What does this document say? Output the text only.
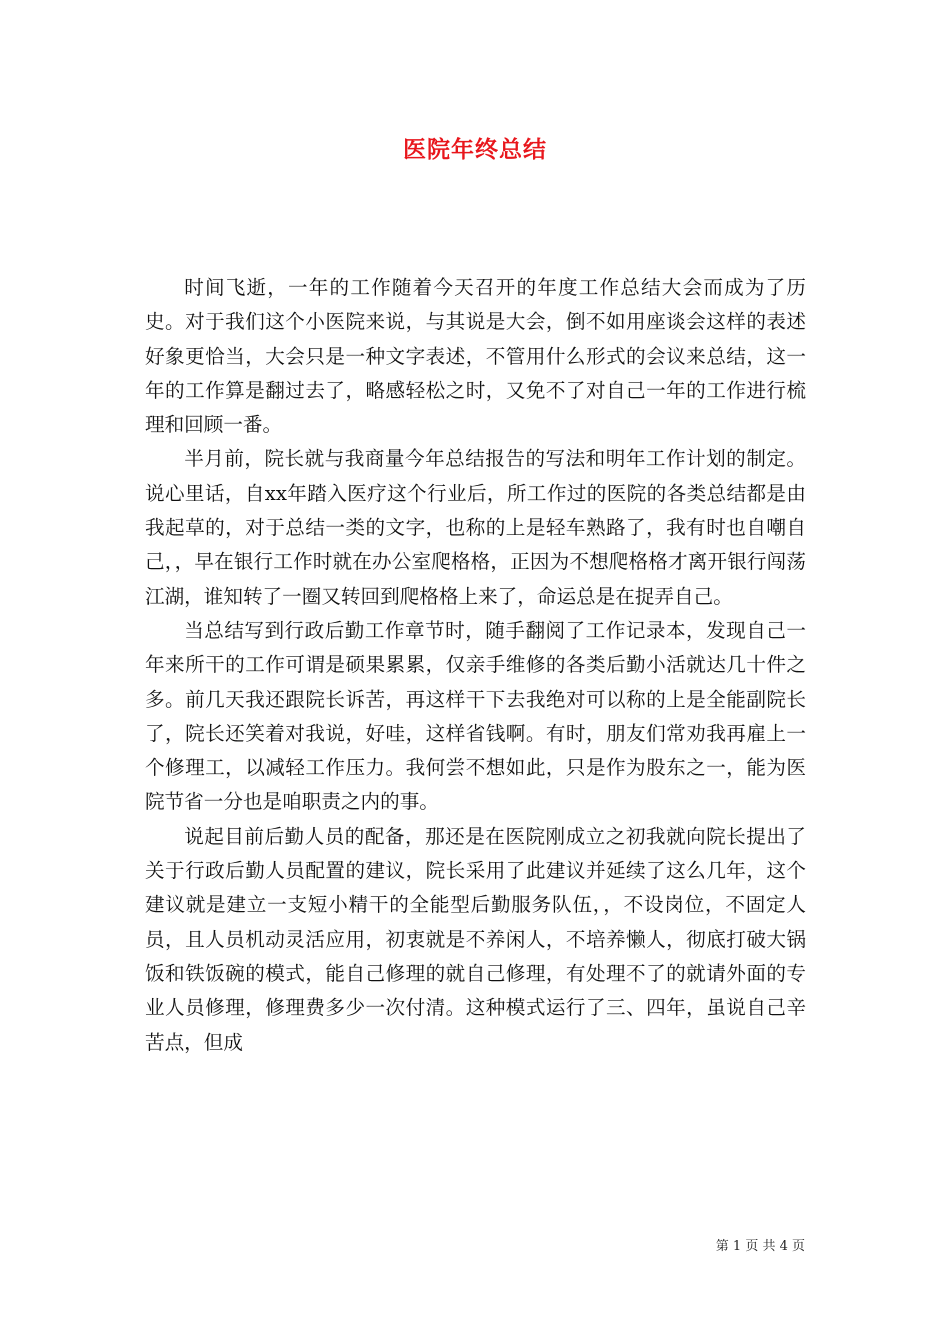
医院年终总结

时间飞逝，一年的工作随着今天召开的年度工作总结大会而成为了历史。对于我们这个小医院来说，与其说是大会，倒不如用座谈会这样的表述好象更恰当，大会只是一种文字表述，不管用什么形式的会议来总结，这一年的工作算是翻过去了，略感轻松之时，又免不了对自己一年的工作进行梳理和回顾一番。

半月前，院长就与我商量今年总结报告的写法和明年工作计划的制定。说心里话，自xx年踏入医疗这个行业后，所工作过的医院的各类总结都是由我起草的，对于总结一类的文字，也称的上是轻车熟路了，我有时也自嘲自己，，早在银行工作时就在办公室爬格格，正因为不想爬格格才离开银行闯荡江湖，谁知转了一圈又转回到爬格格上来了，命运总是在捉弄自己。

当总结写到行政后勤工作章节时，随手翻阅了工作记录本，发现自己一年来所干的工作可谓是硕果累累，仅亲手维修的各类后勤小活就达几十件之多。前几天我还跟院长诉苦，再这样干下去我绝对可以称的上是全能副院长了，院长还笑着对我说，好哇，这样省钱啊。有时，朋友们常劝我再雇上一个修理工，以减轻工作压力。我何尝不想如此，只是作为股东之一，能为医院节省一分也是咱职责之内的事。

说起目前后勤人员的配备，那还是在医院刚成立之初我就向院长提出了关于行政后勤人员配置的建议，院长采用了此建议并延续了这么几年，这个建议就是建立一支短小精干的全能型后勤服务队伍，，不设岗位，不固定人员，且人员机动灵活应用，初衷就是不养闲人，不培养懒人，彻底打破大锅饭和铁饭碗的模式，能自己修理的就自己修理，有处理不了的就请外面的专业人员修理，修理费多少一次付清。这种模式运行了三、四年，虽说自己辛苦点，但成

第 1 页 共 4 页
